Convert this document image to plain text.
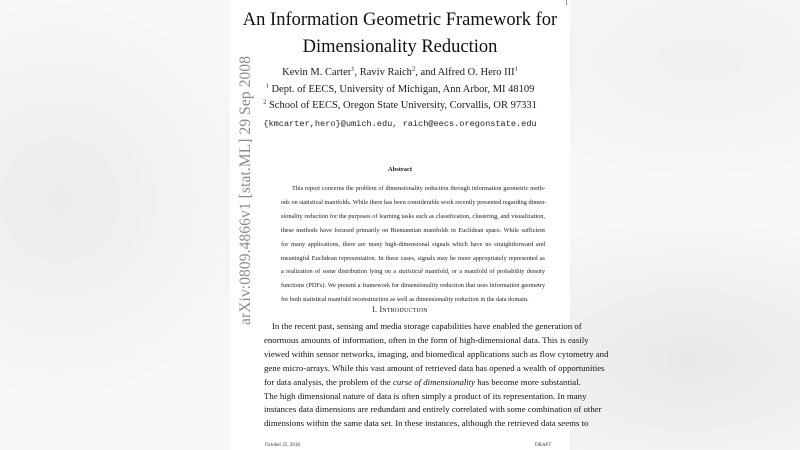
arXiv:0809.4866v1 [stat.ML] 29 Sep 2008
An Information Geometric Framework for
Dimensionality Reduction
Kevin M. Carter$^1$, Raviv Raich$^2$, and Alfred O. Hero III$^1$
$^1$ Dept. of EECS, University of Michigan, Ann Arbor, MI 48109
$^2$ School of EECS, Oregon State University, Corvallis, OR 97331
{kmcarter,hero}@umich.edu, raich@eecs.oregonstate.edu
Abstract
This report concerns the problem of dimensionality reduction through information geometric meth-
ods on statistical manifolds. While there has been considerable work recently presented regarding dimen-
sionality reduction for the purposes of learning tasks such as classification, clustering, and visualization,
these methods have focused primarily on Riemannian manifolds in Euclidean space. While sufficient
for many applications, there are many high-dimensional signals which have no straightforward and
meaningful Euclidean representation. In these cases, signals may be more appropriately represented as
a realization of some distribution lying on a statistical manifold, or a manifold of probability density
functions (PDFs). We present a framework for dimensionality reduction that uses information geometry
for both statistical manifold reconstruction as well as dimensionality reduction in the data domain.
I. Introduction
In the recent past, sensing and media storage capabilities have enabled the generation of
enormous amounts of information, often in the form of high-dimensional data. This is easily
viewed within sensor networks, imaging, and biomedical applications such as flow cytometry and
gene micro-arrays. While this vast amount of retrieved data has opened a wealth of opportunities
for data analysis, the problem of the curse of dimensionality has become more substantial.
The high dimensional nature of data is often simply a product of its representation. In many
instances data dimensions are redundant and entirely correlated with some combination of other
dimensions within the same data set. In these instances, although the retrieved data seems to
October 25, 2018	DRAFT
